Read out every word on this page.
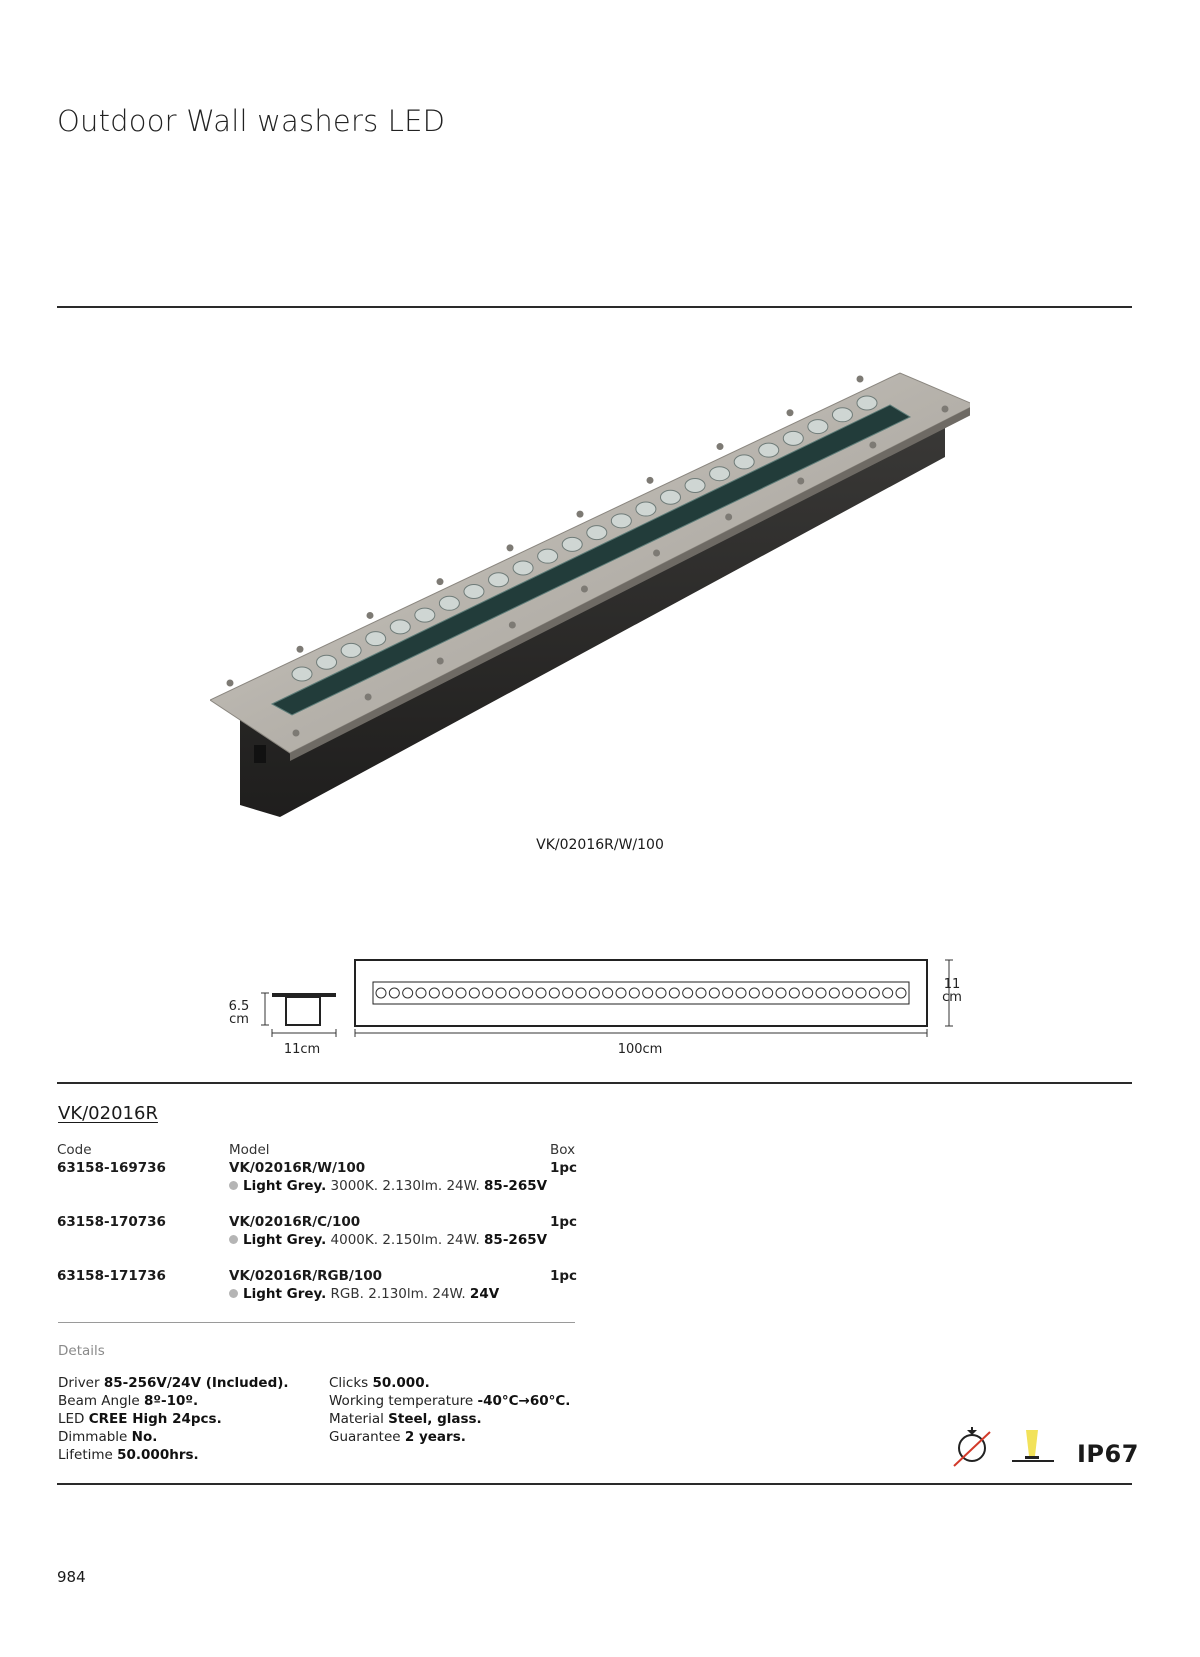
Outdoor Wall washers LED
VK/02016R/W/100
6.5
cm
11cm	100cm
11
cm
VK/02016R
Code	Model	Box
63158-169736	VK/02016R/W/100	1pc
Light Grey. 3000K. 2.130lm. 24W. 85-265V
63158-170736	VK/02016R/C/100	1pc
Light Grey. 4000K. 2.150lm. 24W. 85-265V
63158-171736	VK/02016R/RGB/100	1pc
Light Grey. RGB. 2.130lm. 24W. 24V
Details
Driver 85-256V/24V (Included).
Beam Angle 8º-10º.
LED CREE High 24pcs.
Dimmable No.
Lifetime 50.000hrs.
Clicks 50.000.
Working temperature -40°C→60°C.
Material Steel, glass.
Guarantee 2 years.
IP67
984
